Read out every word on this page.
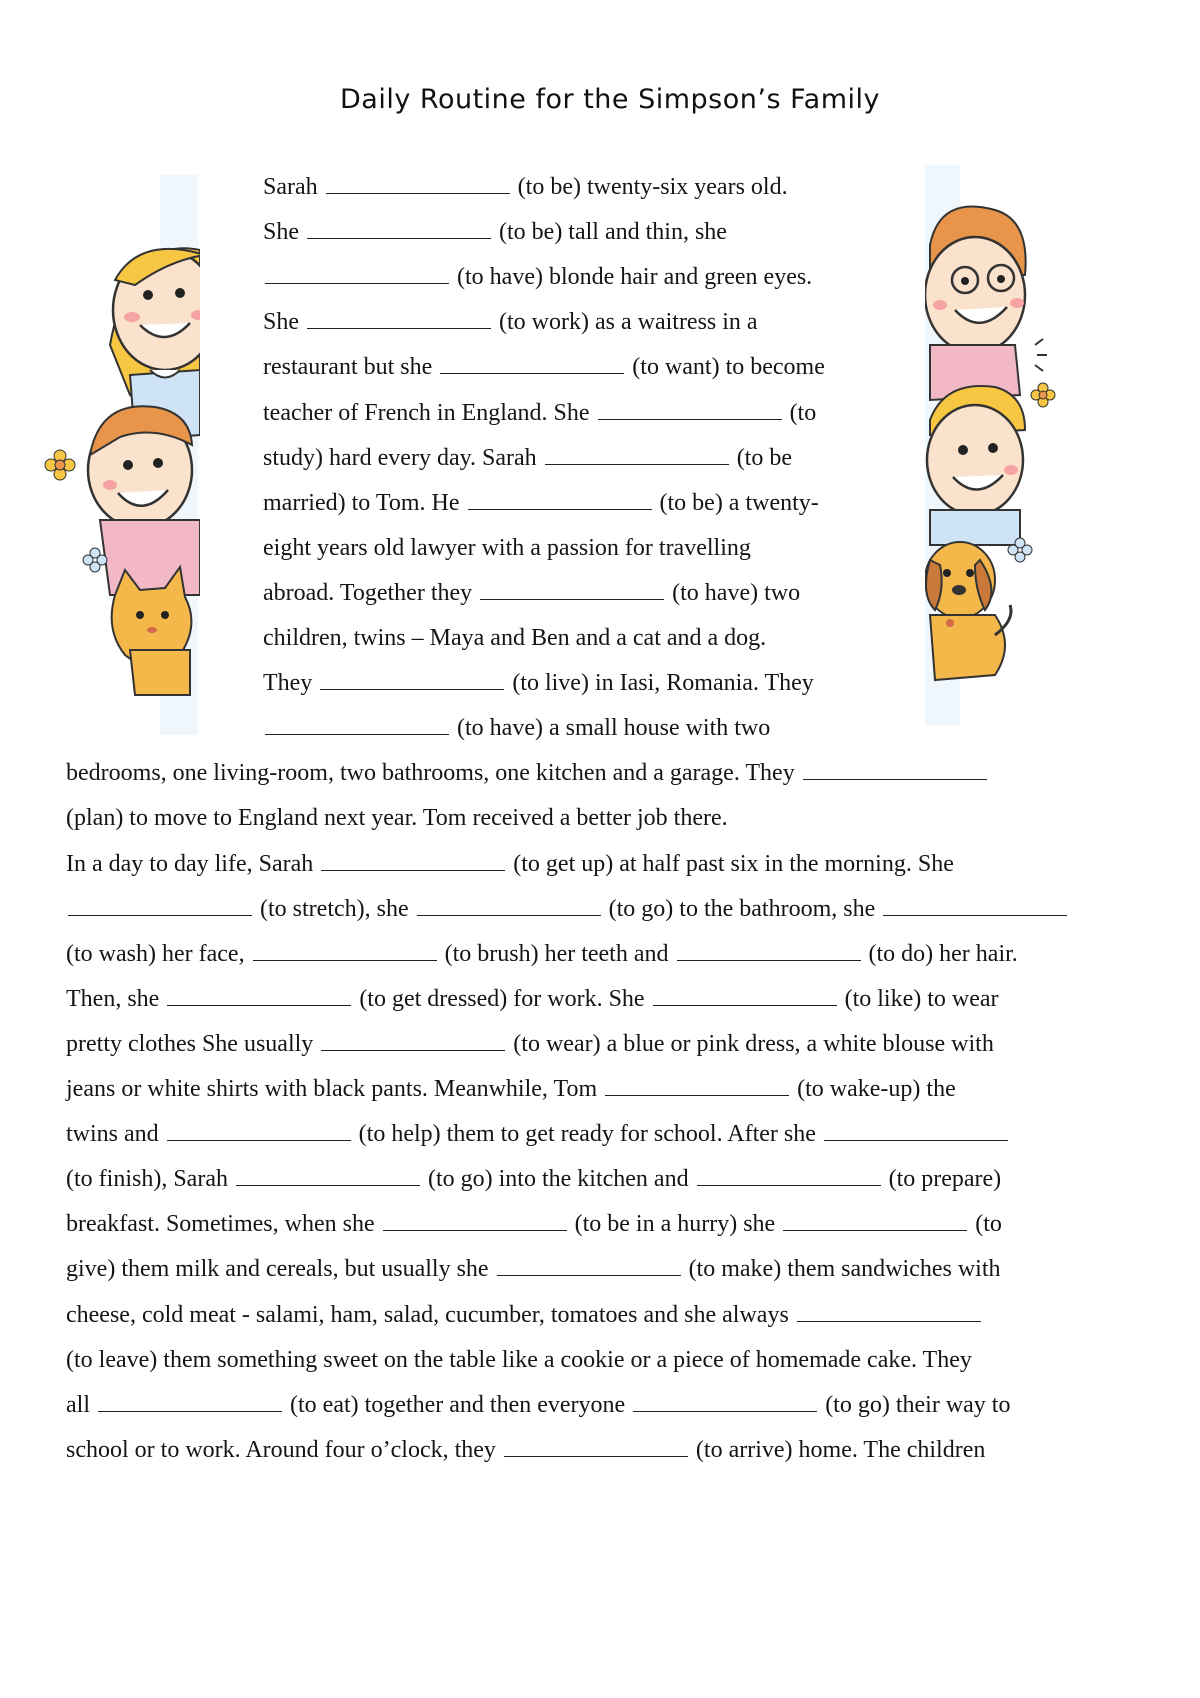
Daily Routine for the Simpson’s Family
Sarah	(to be) twenty-six years old.
She	(to be) tall and thin, she
(to have) blonde hair and green eyes.
She	(to work) as a waitress in a
restaurant but she	(to want) to become
teacher of French in England. She	(to
study) hard every day. Sarah	(to be
married) to Tom. He	(to be) a twenty-
eight years old lawyer with a passion for travelling
abroad. Together they	(to have) two
children, twins – Maya and Ben and a cat and a dog.
They	(to live) in Iasi, Romania. They
(to have) a small house with two
bedrooms, one living-room, two bathrooms, one kitchen and a garage. They
(plan) to move to England next year. Tom received a better job there.
In a day to day life, Sarah	(to get up) at half past six in the morning. She
(to stretch), she	(to go) to the bathroom, she
(to wash) her face,	(to brush) her teeth and	(to do) her hair.
Then, she	(to get dressed) for work. She	(to like) to wear
pretty clothes She usually	(to wear) a blue or pink dress, a white blouse with
jeans or white shirts with black pants. Meanwhile, Tom	(to wake-up) the
twins and	(to help) them to get ready for school. After she
(to finish), Sarah	(to go) into the kitchen and	(to prepare)
breakfast. Sometimes, when she	(to be in a hurry) she	(to
give) them milk and cereals, but usually she	(to make) them sandwiches with
cheese, cold meat - salami, ham, salad, cucumber, tomatoes and she always
(to leave) them something sweet on the table like a cookie or a piece of homemade cake. They
all	(to eat) together and then everyone	(to go) their way to
school or to work. Around four o’clock, they	(to arrive) home. The children
